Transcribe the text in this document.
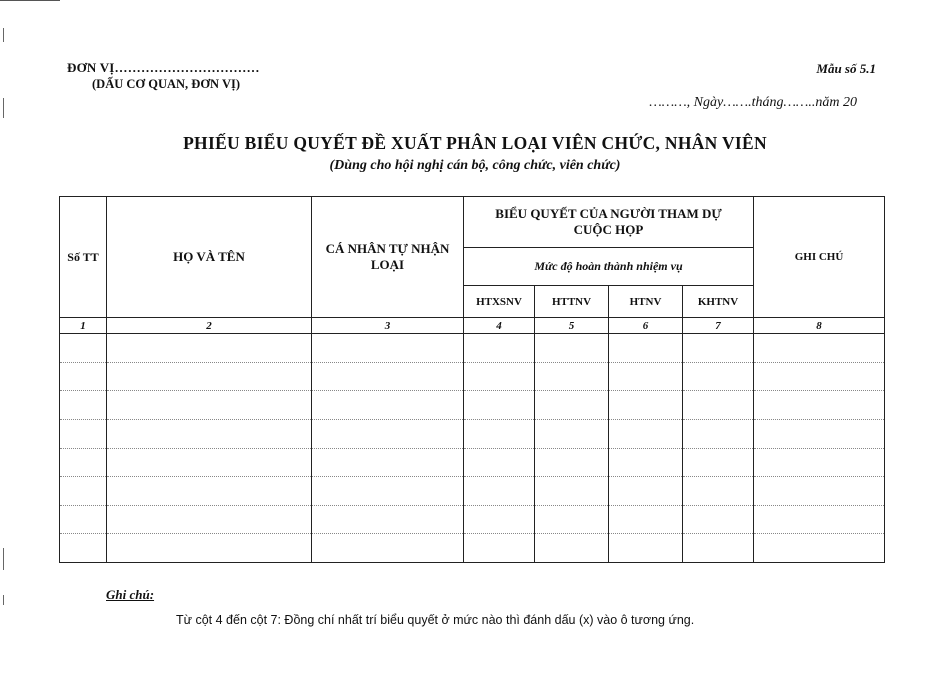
ĐƠN VỊ……………………………
(DẤU CƠ QUAN, ĐƠN VỊ)
Mẫu số 5.1
………, Ngày…….tháng……..năm 20
PHIẾU BIỂU QUYẾT ĐỀ XUẤT PHÂN LOẠI VIÊN CHỨC, NHÂN VIÊN
(Dùng cho hội nghị cán bộ, công chức, viên chức)
Số TT	HỌ VÀ TÊN	CÁ NHÂN TỰ NHẬN LOẠI	BIỂU QUYẾT CỦA NGƯỜI THAM DỰ CUỘC HỌP				GHI CHÚ
			Mức độ hoàn thành nhiệm vụ				
			HTXSNV	HTTNV	HTNV	KHTNV	
1	2	3	4	5	6	7	8

Ghi chú:
Từ cột 4 đến cột 7: Đồng chí nhất trí biểu quyết ở mức nào thì đánh dấu (x) vào ô tương ứng.
